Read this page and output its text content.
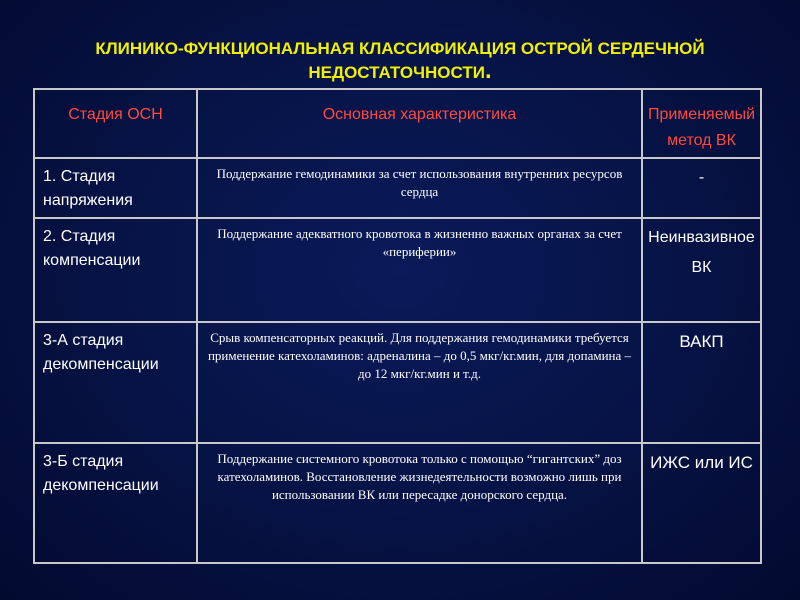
КЛИНИКО-ФУНКЦИОНАЛЬНАЯ КЛАССИФИКАЦИЯ ОСТРОЙ СЕРДЕЧНОЙ
НЕДОСТАТОЧНОСТИ.
Стадия ОСН	Основная характеристика	Применяемый
метод ВК

1. Стадия
напряжения	Поддержание гемодинамики за счет использования внутренних ресурсов сердца	-

2. Стадия
компенсации	Поддержание адекватного кровотока в жизненно важных органах за счет «периферии»	Неинвазивное ВК

3-А стадия
декомпенсации	Срыв компенсаторных реакций. Для поддержания гемодинамики требуется применение катехоламинов: адреналина – до 0,5 мкг/кг.мин, для допамина – до 12 мкг/кг.мин и т.д.	ВАКП

3-Б стадия
декомпенсации	Поддержание системного кровотока только с помощью “гигантских” доз катехоламинов. Восстановление жизнедеятельности возможно лишь при использовании ВК или пересадке донорского сердца.	ИЖС или ИС
